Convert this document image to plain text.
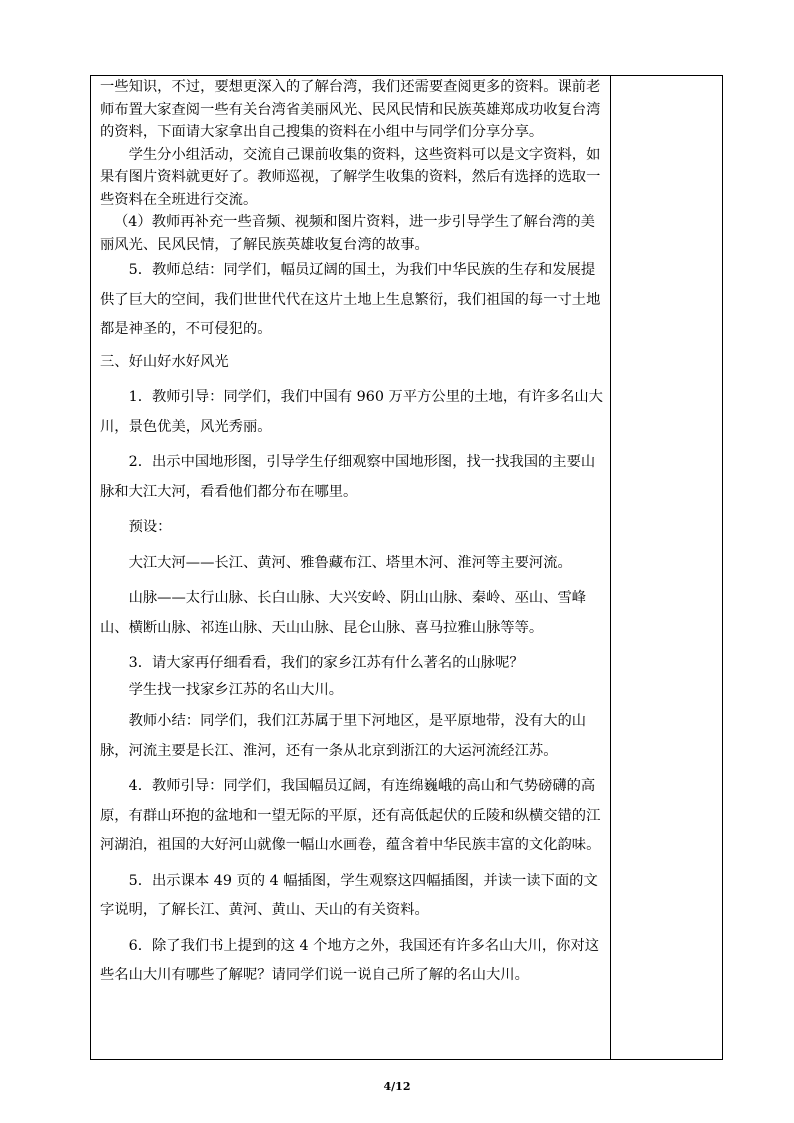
一些知识，不过，要想更深入的了解台湾，我们还需要查阅更多的资料。课前老师布置大家查阅一些有关台湾省美丽风光、民风民情和民族英雄郑成功收复台湾的资料，下面请大家拿出自己搜集的资料在小组中与同学们分享分享。

学生分小组活动，交流自己课前收集的资料，这些资料可以是文字资料，如果有图片资料就更好了。教师巡视，了解学生收集的资料，然后有选择的选取一些资料在全班进行交流。

（4）教师再补充一些音频、视频和图片资料，进一步引导学生了解台湾的美丽风光、民风民情，了解民族英雄收复台湾的故事。

5．教师总结：同学们，幅员辽阔的国土，为我们中华民族的生存和发展提供了巨大的空间，我们世世代代在这片土地上生息繁衍，我们祖国的每一寸土地都是神圣的，不可侵犯的。

三、好山好水好风光

1．教师引导：同学们，我们中国有 960 万平方公里的土地，有许多名山大川，景色优美，风光秀丽。

2．出示中国地形图，引导学生仔细观察中国地形图，找一找我国的主要山脉和大江大河，看看他们都分布在哪里。

预设：

大江大河——长江、黄河、雅鲁藏布江、塔里木河、淮河等主要河流。

山脉——太行山脉、长白山脉、大兴安岭、阴山山脉、秦岭、巫山、雪峰山、横断山脉、祁连山脉、天山山脉、昆仑山脉、喜马拉雅山脉等等。

3．请大家再仔细看看，我们的家乡江苏有什么著名的山脉呢？

学生找一找家乡江苏的名山大川。

教师小结：同学们，我们江苏属于里下河地区，是平原地带，没有大的山脉，河流主要是长江、淮河，还有一条从北京到浙江的大运河流经江苏。

4．教师引导：同学们，我国幅员辽阔，有连绵巍峨的高山和气势磅礴的高原，有群山环抱的盆地和一望无际的平原，还有高低起伏的丘陵和纵横交错的江河湖泊，祖国的大好河山就像一幅山水画卷，蕴含着中华民族丰富的文化韵味。

5．出示课本 49 页的 4 幅插图，学生观察这四幅插图，并读一读下面的文字说明，了解长江、黄河、黄山、天山的有关资料。

6．除了我们书上提到的这 4 个地方之外，我国还有许多名山大川，你对这些名山大川有哪些了解呢？请同学们说一说自己所了解的名山大川。

4/12
